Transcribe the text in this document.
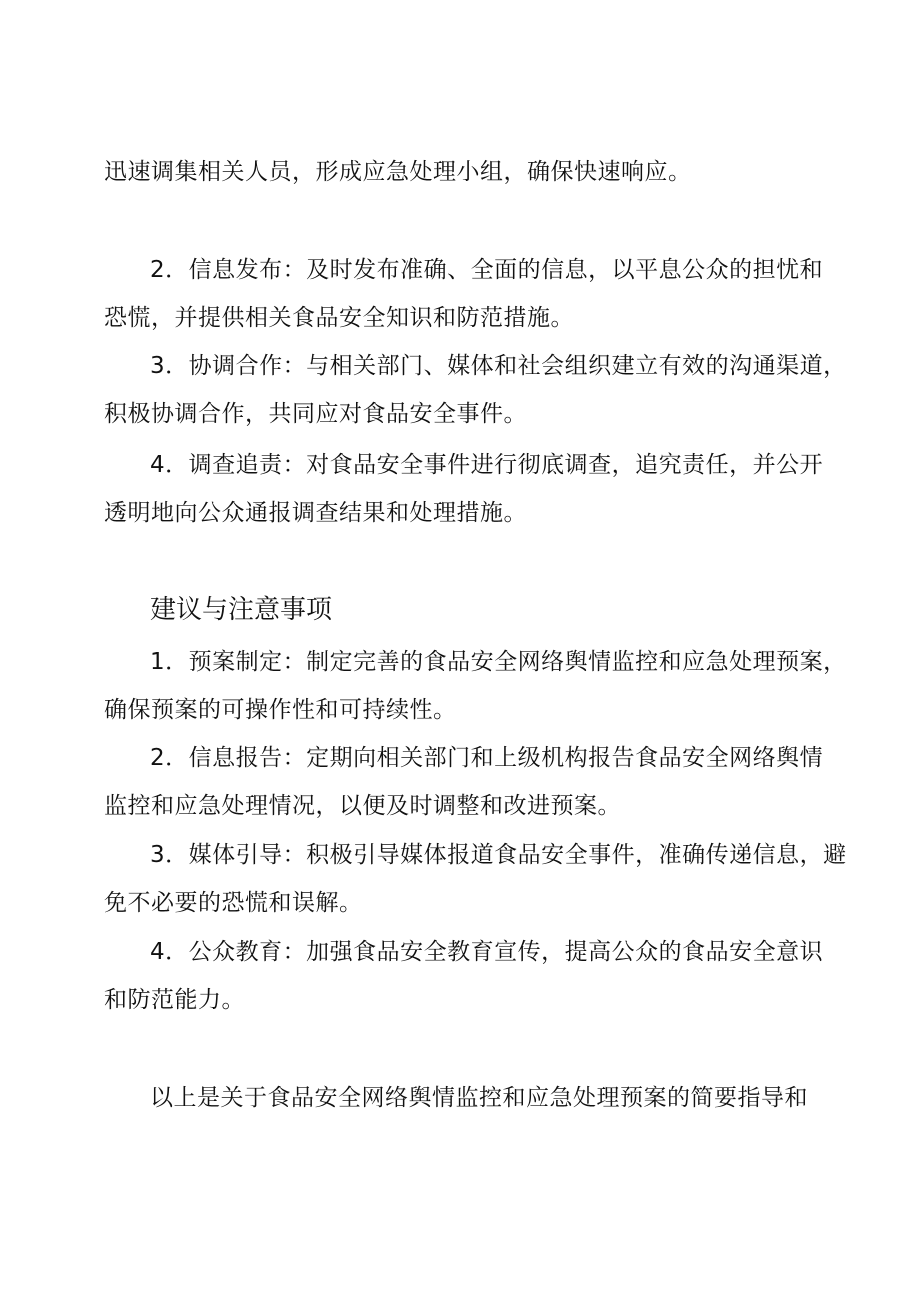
迅速调集相关人员，形成应急处理小组，确保快速响应。
2．信息发布：及时发布准确、全面的信息，以平息公众的担忧和
恐慌，并提供相关食品安全知识和防范措施。
3．协调合作：与相关部门、媒体和社会组织建立有效的沟通渠道，
积极协调合作，共同应对食品安全事件。
4．调查追责：对食品安全事件进行彻底调查，追究责任，并公开
透明地向公众通报调查结果和处理措施。
建议与注意事项
1．预案制定：制定完善的食品安全网络舆情监控和应急处理预案，
确保预案的可操作性和可持续性。
2．信息报告：定期向相关部门和上级机构报告食品安全网络舆情
监控和应急处理情况，以便及时调整和改进预案。
3．媒体引导：积极引导媒体报道食品安全事件，准确传递信息，避
免不必要的恐慌和误解。
4．公众教育：加强食品安全教育宣传，提高公众的食品安全意识
和防范能力。
以上是关于食品安全网络舆情监控和应急处理预案的简要指导和
